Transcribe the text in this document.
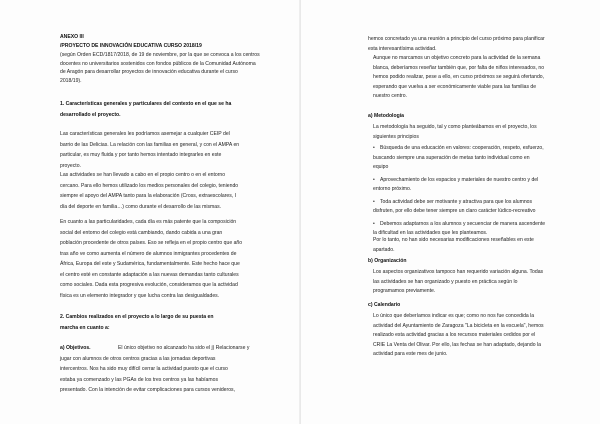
ANEXO III
/PROYECTO DE INNOVACIÓN EDUCATIVA CURSO 2018/19
(según Orden ECD/1817/2018, de 19 de noviembre, por la que se convoca a los centros
docentes no universitarios sostenidos con fondos públicos de la Comunidad Autónoma
de Aragón para desarrollar proyectos de innovación educativa durante el curso
2018/19).
1. Características generales y particulares del contexto en el que se ha
desarrollado el proyecto.
Las características generales les podríamos asemejar a cualquier CEIP del
barrio de las Delicias. La relación con las familias en general, y con el AMPA en
particular, es muy fluida y por tanto hemos intentado integrarles en este
proyecto.
Las actividades se han llevado a cabo en el propio centro o en el entorno
cercano. Para ello hemos utilizado los medios personales del colegio, teniendo
siempre el apoyo del AMPA tanto para la elaboración (Cross, extraescolares, I
día del deporte en familia…) como durante el desarrollo de las mismas.
En cuanto a las particularidades, cada día es más patente que la composición
social del entorno del colegio está cambiando, dando cabida a una gran
población procedente de otros países. Eso se refleja en el propio centro que año
tras año ve como aumenta el número de alumnos inmigrantes procedentes de
África, Europa del este y Sudamérica, fundamentalmente. Este hecho hace que
el centro esté en constante adaptación a las nuevas demandas tanto culturales
como sociales. Dada esta progresiva evolución, consideramos que la actividad
física es un elemento integrador y que lucha contra las desigualdades.
2. Cambios realizados en el proyecto a lo largo de su puesta en
marcha en cuanto a:
a) Objetivos.	El único objetivo no alcanzado ha sido el j) Relacionarse y
jugar con alumnos de otros centros gracias a las jornadas deportivas
intercentros. Nos ha sido muy difícil cerrar la actividad puesto que el curso
estaba ya comenzado y las PGAs de los tres centros ya las habíamos
presentado. Con la intención de evitar complicaciones para cursos venideros,
hemos concretado ya una reunión a principio del curso próximo para planificar
esta interesantísima actividad.
Aunque no marcamos un objetivo concreto para la actividad de la semana
blanca, deberíamos reseñar también que, por falta de niños interesados, no
hemos podido realizar, pese a ello, en curso próximos se seguirá ofertando,
esperando que vuelva a ser económicamente viable para las familias de
nuestro centro.
a) Metodología
La metodología ha seguido, tal y como planteábamos en el proyecto, los
siguientes principios
• Búsqueda de una educación en valores: cooperación, respeto, esfuerzo,
buscando siempre una superación de metas tanto individual como en
equipo
• Aprovechamiento de los espacios y materiales de nuestro centro y del
entorno próximo.
• Toda actividad debe ser motivante y atractiva para que los alumnos
disfruten, por ello debe tener siempre un claro carácter lúdico-recreativo
• Debemos adaptarnos a los alumnos y secuenciar de manera ascendente
la dificultad en las actividades que les planteamos.
Por lo tanto, no han sido necesarias modificaciones reseñables en este
apartado.
b) Organización
Los aspectos organizativos tampoco han requerido variación alguna. Todas
las actividades se han organizado y puesto en práctica según lo
programamos previamente.
c) Calendario
Lo único que deberíamos indicar es que; como no nos fue concedida la
actividad del Ayuntamiento de Zaragoza "La bicicleta en la escuela", hemos
realizado esta actividad gracias a los recursos materiales cedidos por el
CRIE La Venta del Olivar. Por ello, las fechas se han adaptado, dejando la
actividad para este mes de junio.
